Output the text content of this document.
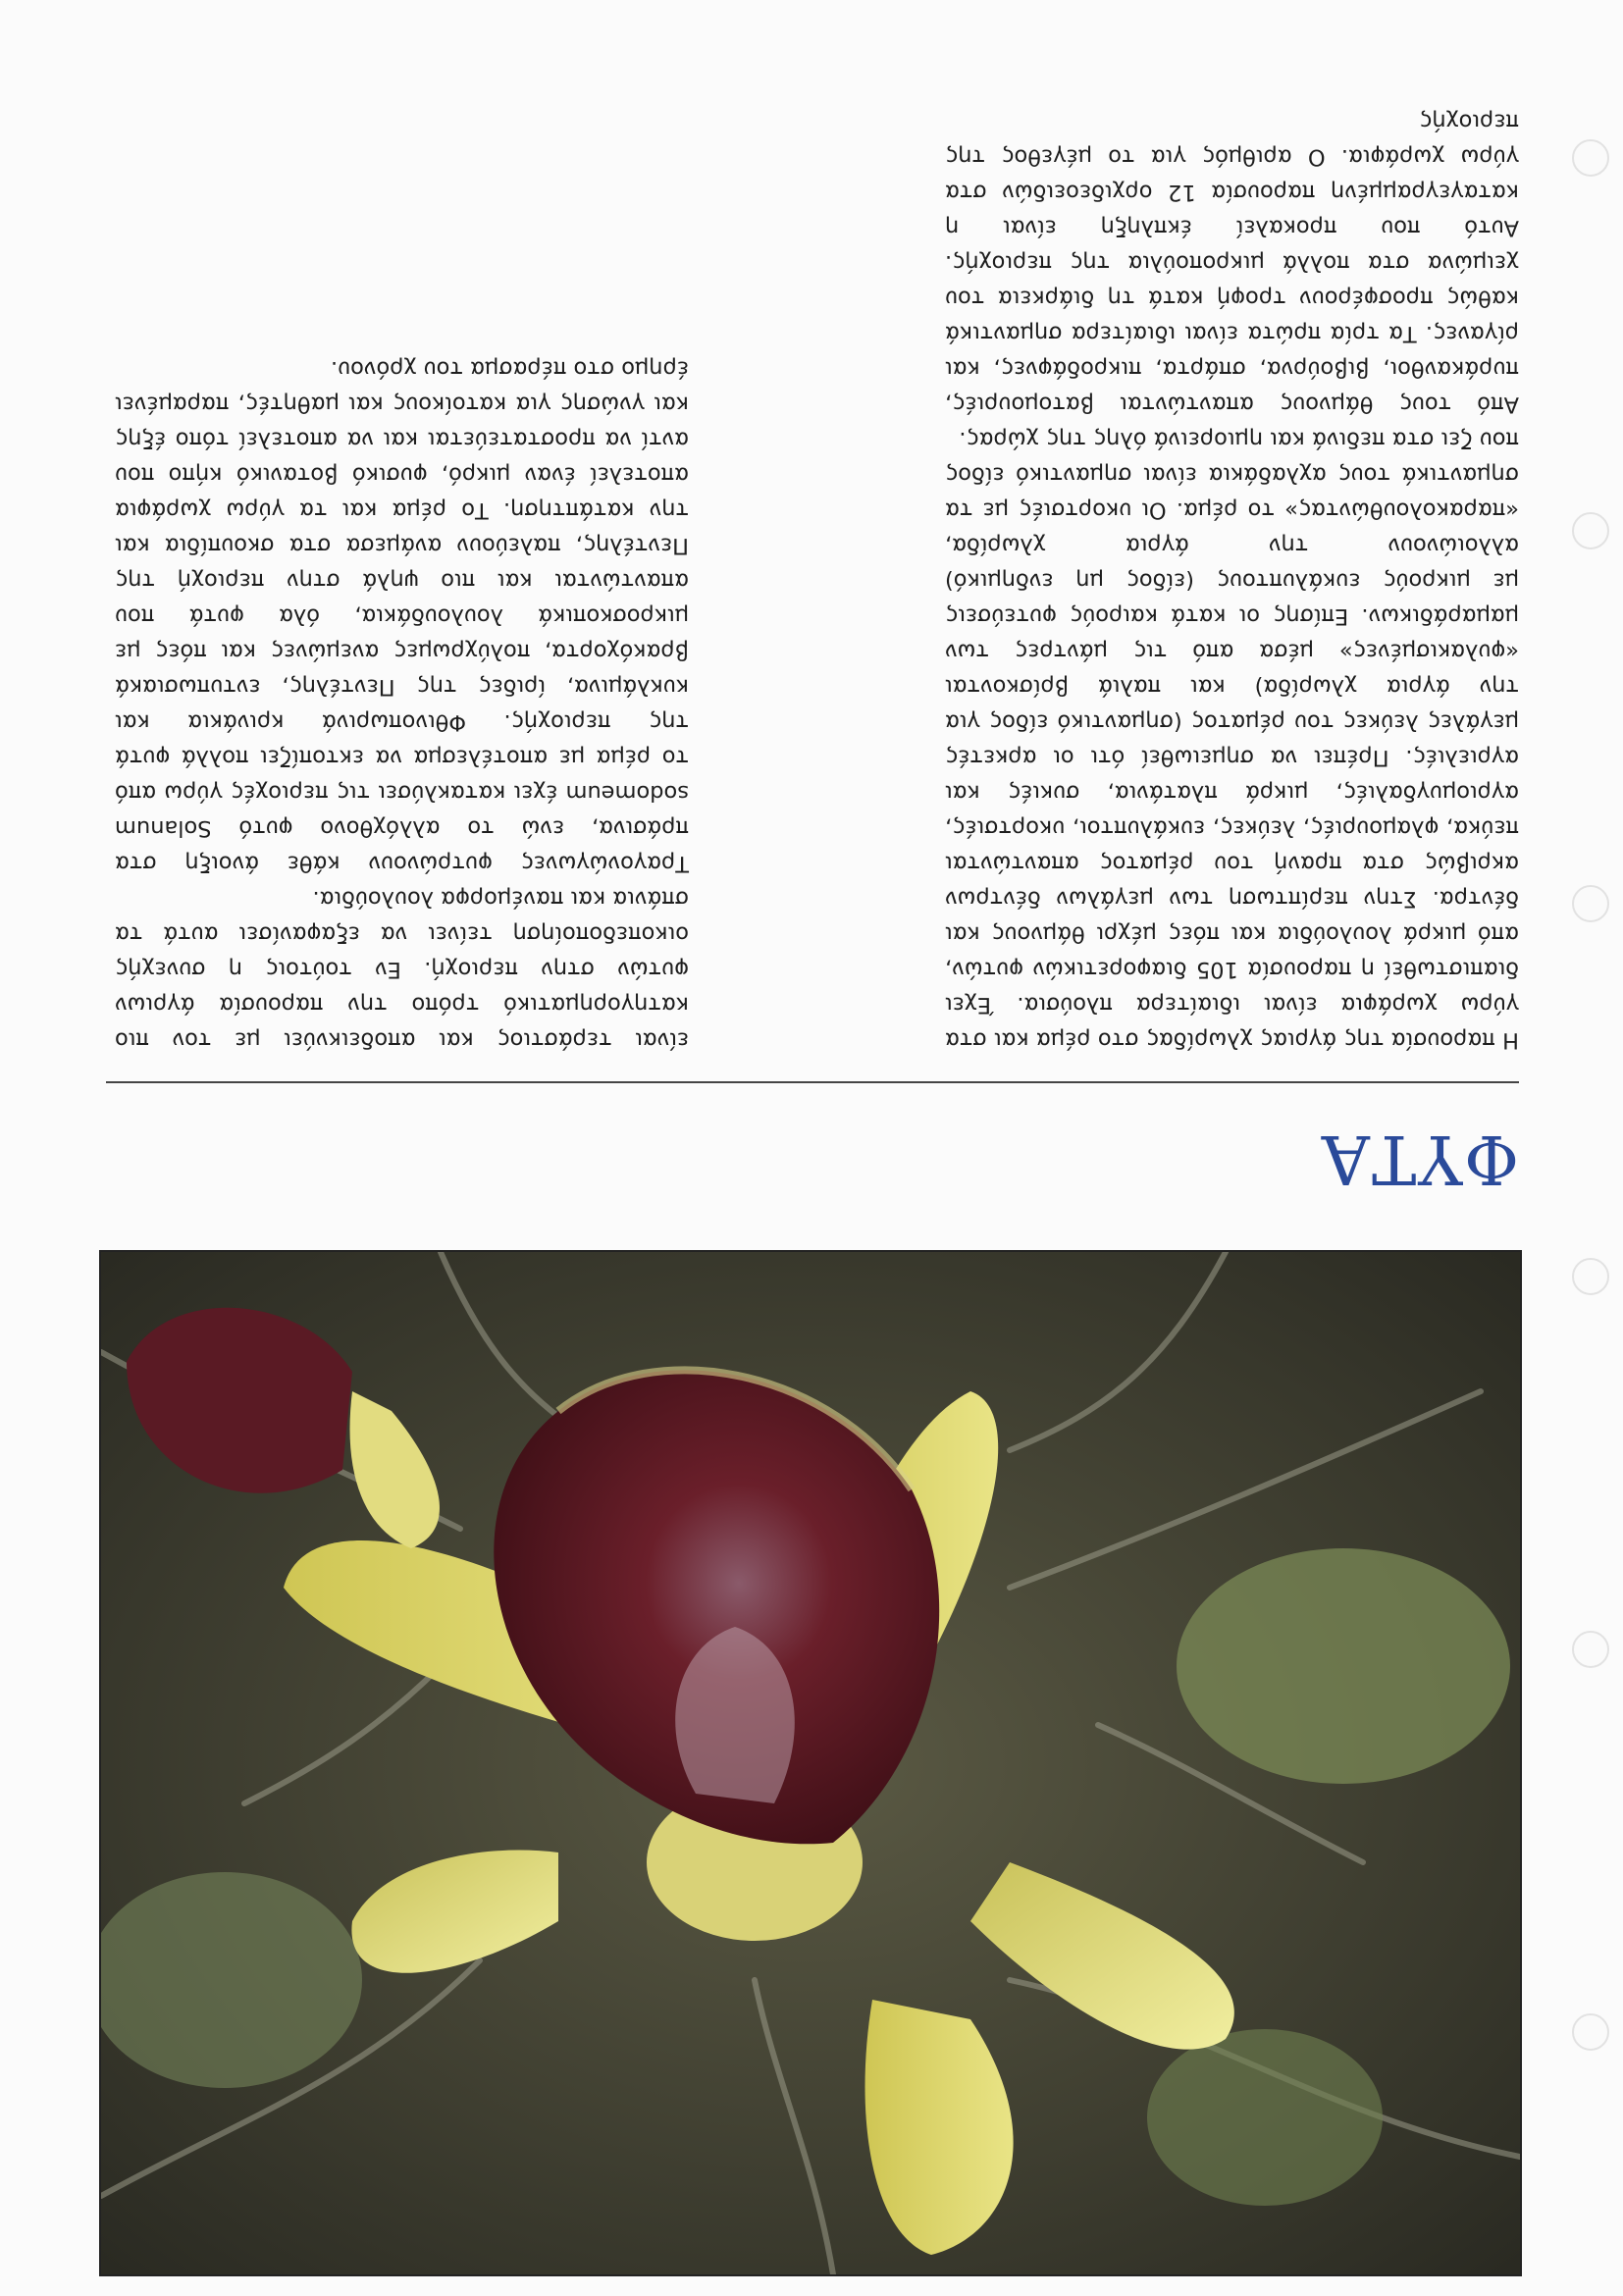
ΦΥΤΑ

Η παρουσία της άγριας χλωρίδας στο ρέμα και στα γύρω χωράφια είναι ιδιαίτερα πλούσια. Έχει διαπιστωθεί η παρουσία 105 διαφορετικών φυτών, από μικρά λουλούδια και πόες μέχρι θάμνους και δέντρα. Στην περίπτωση των μεγάλων δέντρων ακριβώς στα πρανή του ρέματος απαντώνται πεύκα, φλαμουριές, λεύκες, ευκάλυπτοι, υκορτσιές, αγριομυγδαλιές, μικρά πλατάνια, συκιές και αγριελιές. Πρέπει να σημειωθεί ότι οι αρκετές μεγάλες λεύκες του ρέματος (σημαντικό είδος για την άγρια χλωρίδα) και παλιά βρίσκονται «φυλακισμένες» μέσα από τις μάντρες των μαμαράδικων. Επίσης οι κατά καιρούς φυτεύσεις με μικρούς ευκάλυπτους (είδος μη ενδημικό) αλλοιώνουν την άγρια χλωρίδα, «παρακολουθώντας» το ρέμα. Οι υκορτσιές με τα σημαντικά τους αχλαδάκια είναι σημαντικό είδος που ζει στα πεδινά και ημιορεινά όλης της χώρας.

Από τους θάμνους απαντώνται βατομουριές, πυράκανθοι, βιβούρνα, σπάρτα, πικροδάφνες, και ρίγανες. Τα τρία πρώτα είναι ιδιαίτερα σημαντικά καθώς προσφέρουν τροφή κατά τη διάρκεια του χειμώνα στα πολλά μικροπούλια της περιοχής. Αυτό που προκαλεί έκπληξη είναι η καταγεγραμμένη παρουσία 12 ορχιδεοειδών στα γύρω χωράφια. Ο αριθμός για το μέγεθος της περιοχής

είναι τεράστιος και αποδεικνύει με τον πιο κατηγορηματικό τρόπο την παρουσία άγριων φυτών στην περιοχή. Εν τούτοις η συνεχής οικοπεδοποίηση τείνει να εξαφανίσει αυτά τα σπάνια και πανέμορφα λουλούδια.

Τραγονώγωνες φυτρώνουν κάθε άνοιξη στα πράσινα, ενώ το αλλόχθονο φυτό Solanum sodomeum έχει κατακλύσει τις περιοχές γύρω από το ρέμα με αποτέλεσμα να εκτοπίζει πολλά φυτά της περιοχής. Φθινοπωρινά κρινάκια και κυκλάμινα, ίριδες της Πεντέλης, εντυπωσιακά βρακόχορτα, πολύχρωμες ανεμώνες και πόες με μικροσκοπικά λουλουδάκια, όλα φυτά που απαντώνται και πιο ψηλά στην περιοχή της Πεντέλης, παλεύουν ανάμεσα στα σκουπίδια και την κατάπτηση. Το ρέμα και τα γύρω χωράφια αποτελεί έναν μικρό, φυσικό βοτανικό κήπο που αντί να προστατεύεται και να αποτελεί τόπο έξης και γνώσης για κατοίκους και μαθητές, παραμένει έρημο στο πέρασμα του χρόνου.
